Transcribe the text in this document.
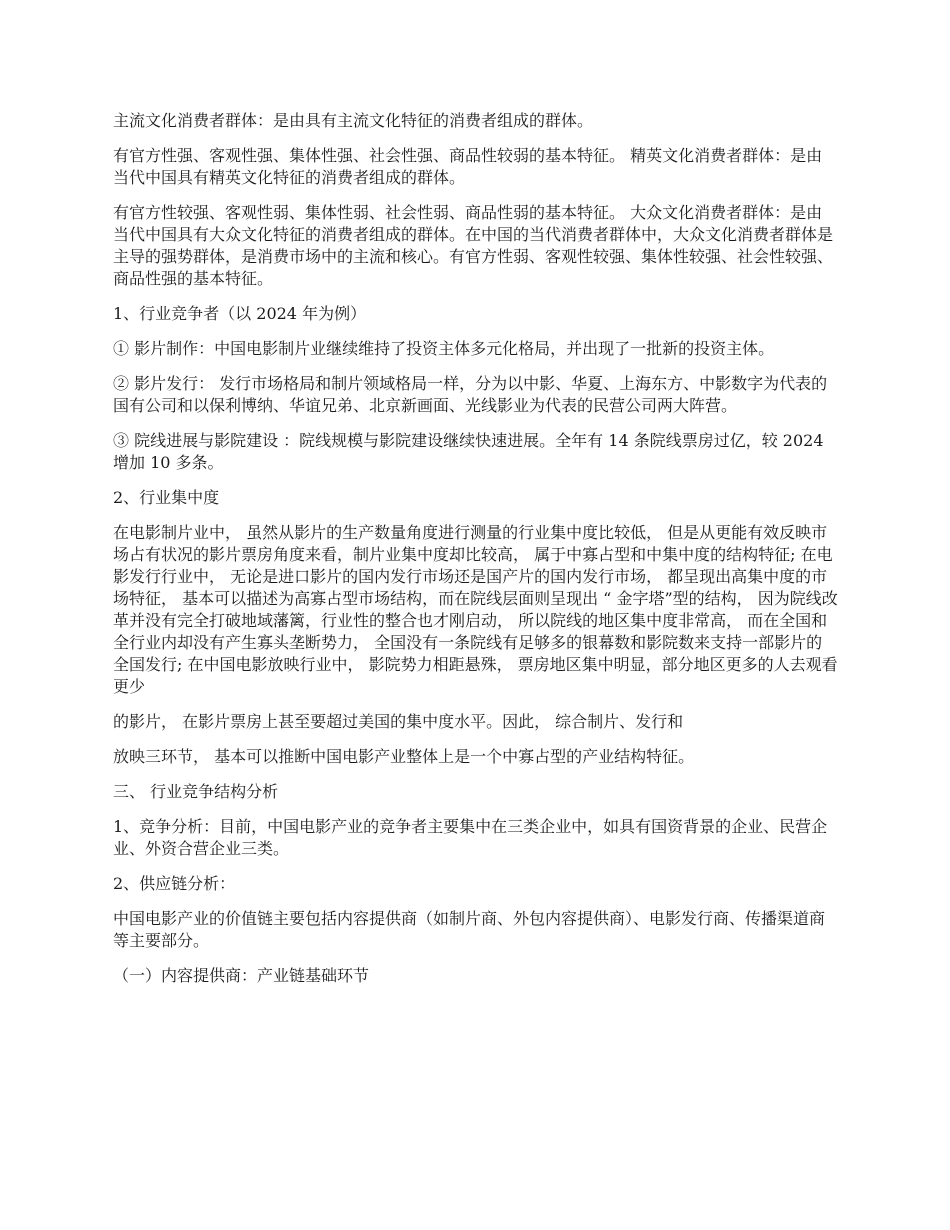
主流文化消费者群体：是由具有主流文化特征的消费者组成的群体。

有官方性强、客观性强、集体性强、社会性强、商品性较弱的基本特征。 精英文化消费者群体：是由当代中国具有精英文化特征的消费者组成的群体。

有官方性较强、客观性弱、集体性弱、社会性弱、商品性弱的基本特征。 大众文化消费者群体：是由当代中国具有大众文化特征的消费者组成的群体。在中国的当代消费者群体中，大众文化消费者群体是主导的强势群体，是消费市场中的主流和核心。有官方性弱、客观性较强、集体性较强、社会性较强、商品性强的基本特征。

1、行业竞争者（以 2024 年为例）

① 影片制作：中国电影制片业继续维持了投资主体多元化格局，并出现了一批新的投资主体。

② 影片发行： 发行市场格局和制片领域格局一样，分为以中影、华夏、上海东方、中影数字为代表的国有公司和以保利博纳、华谊兄弟、北京新画面、光线影业为代表的民营公司两大阵营。

③ 院线进展与影院建设 ：院线规模与影院建设继续快速进展。全年有 14 条院线票房过亿，较 2024 增加 10 多条。

2、行业集中度

在电影制片业中， 虽然从影片的生产数量角度进行测量的行业集中度比较低， 但是从更能有效反映市场占有状况的影片票房角度来看，制片业集中度却比较高， 属于中寡占型和中集中度的结构特征; 在电影发行行业中， 无论是进口影片的国内发行市场还是国产片的国内发行市场， 都呈现出高集中度的市场特征， 基本可以描述为高寡占型市场结构，而在院线层面则呈现出 “ 金字塔”型的结构， 因为院线改革并没有完全打破地域藩篱，行业性的整合也才刚启动， 所以院线的地区集中度非常高， 而在全国和全行业内却没有产生寡头垄断势力， 全国没有一条院线有足够多的银幕数和影院数来支持一部影片的全国发行; 在中国电影放映行业中， 影院势力相距悬殊， 票房地区集中明显，部分地区更多的人去观看更少

的影片， 在影片票房上甚至要超过美国的集中度水平。因此， 综合制片、发行和

放映三环节， 基本可以推断中国电影产业整体上是一个中寡占型的产业结构特征。

三、 行业竞争结构分析

1、竞争分析：目前，中国电影产业的竞争者主要集中在三类企业中，如具有国资背景的企业、民营企业、外资合营企业三类。

2、供应链分析：

中国电影产业的价值链主要包括内容提供商（如制片商、外包内容提供商）、电影发行商、传播渠道商等主要部分。

（一）内容提供商：产业链基础环节
